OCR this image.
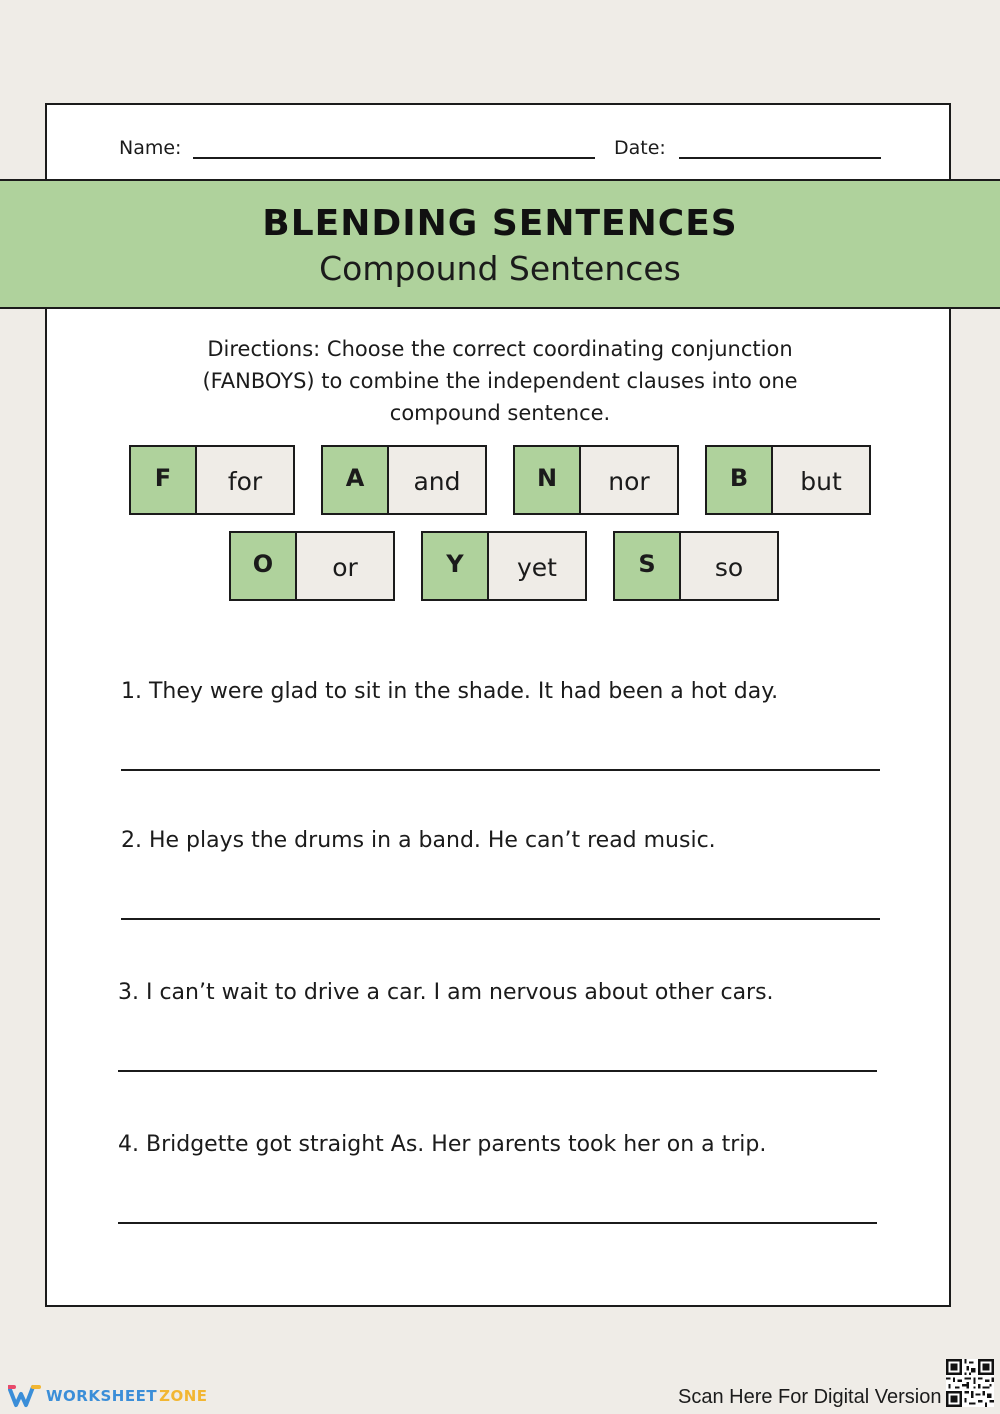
Name:	Date:
BLENDING SENTENCES
Compound Sentences
Directions: Choose the correct coordinating conjunction (FANBOYS) to combine the independent clauses into one compound sentence.
F	for	A	and	N	nor	B	but
O	or	Y	yet	S	so
1. They were glad to sit in the shade. It had been a hot day.
2. He plays the drums in a band. He can’t read music.
3. I can’t wait to drive a car. I am nervous about other cars.
4. Bridgette got straight As. Her parents took her on a trip.
WORKSHEET ZONE	Scan Here For Digital Version
